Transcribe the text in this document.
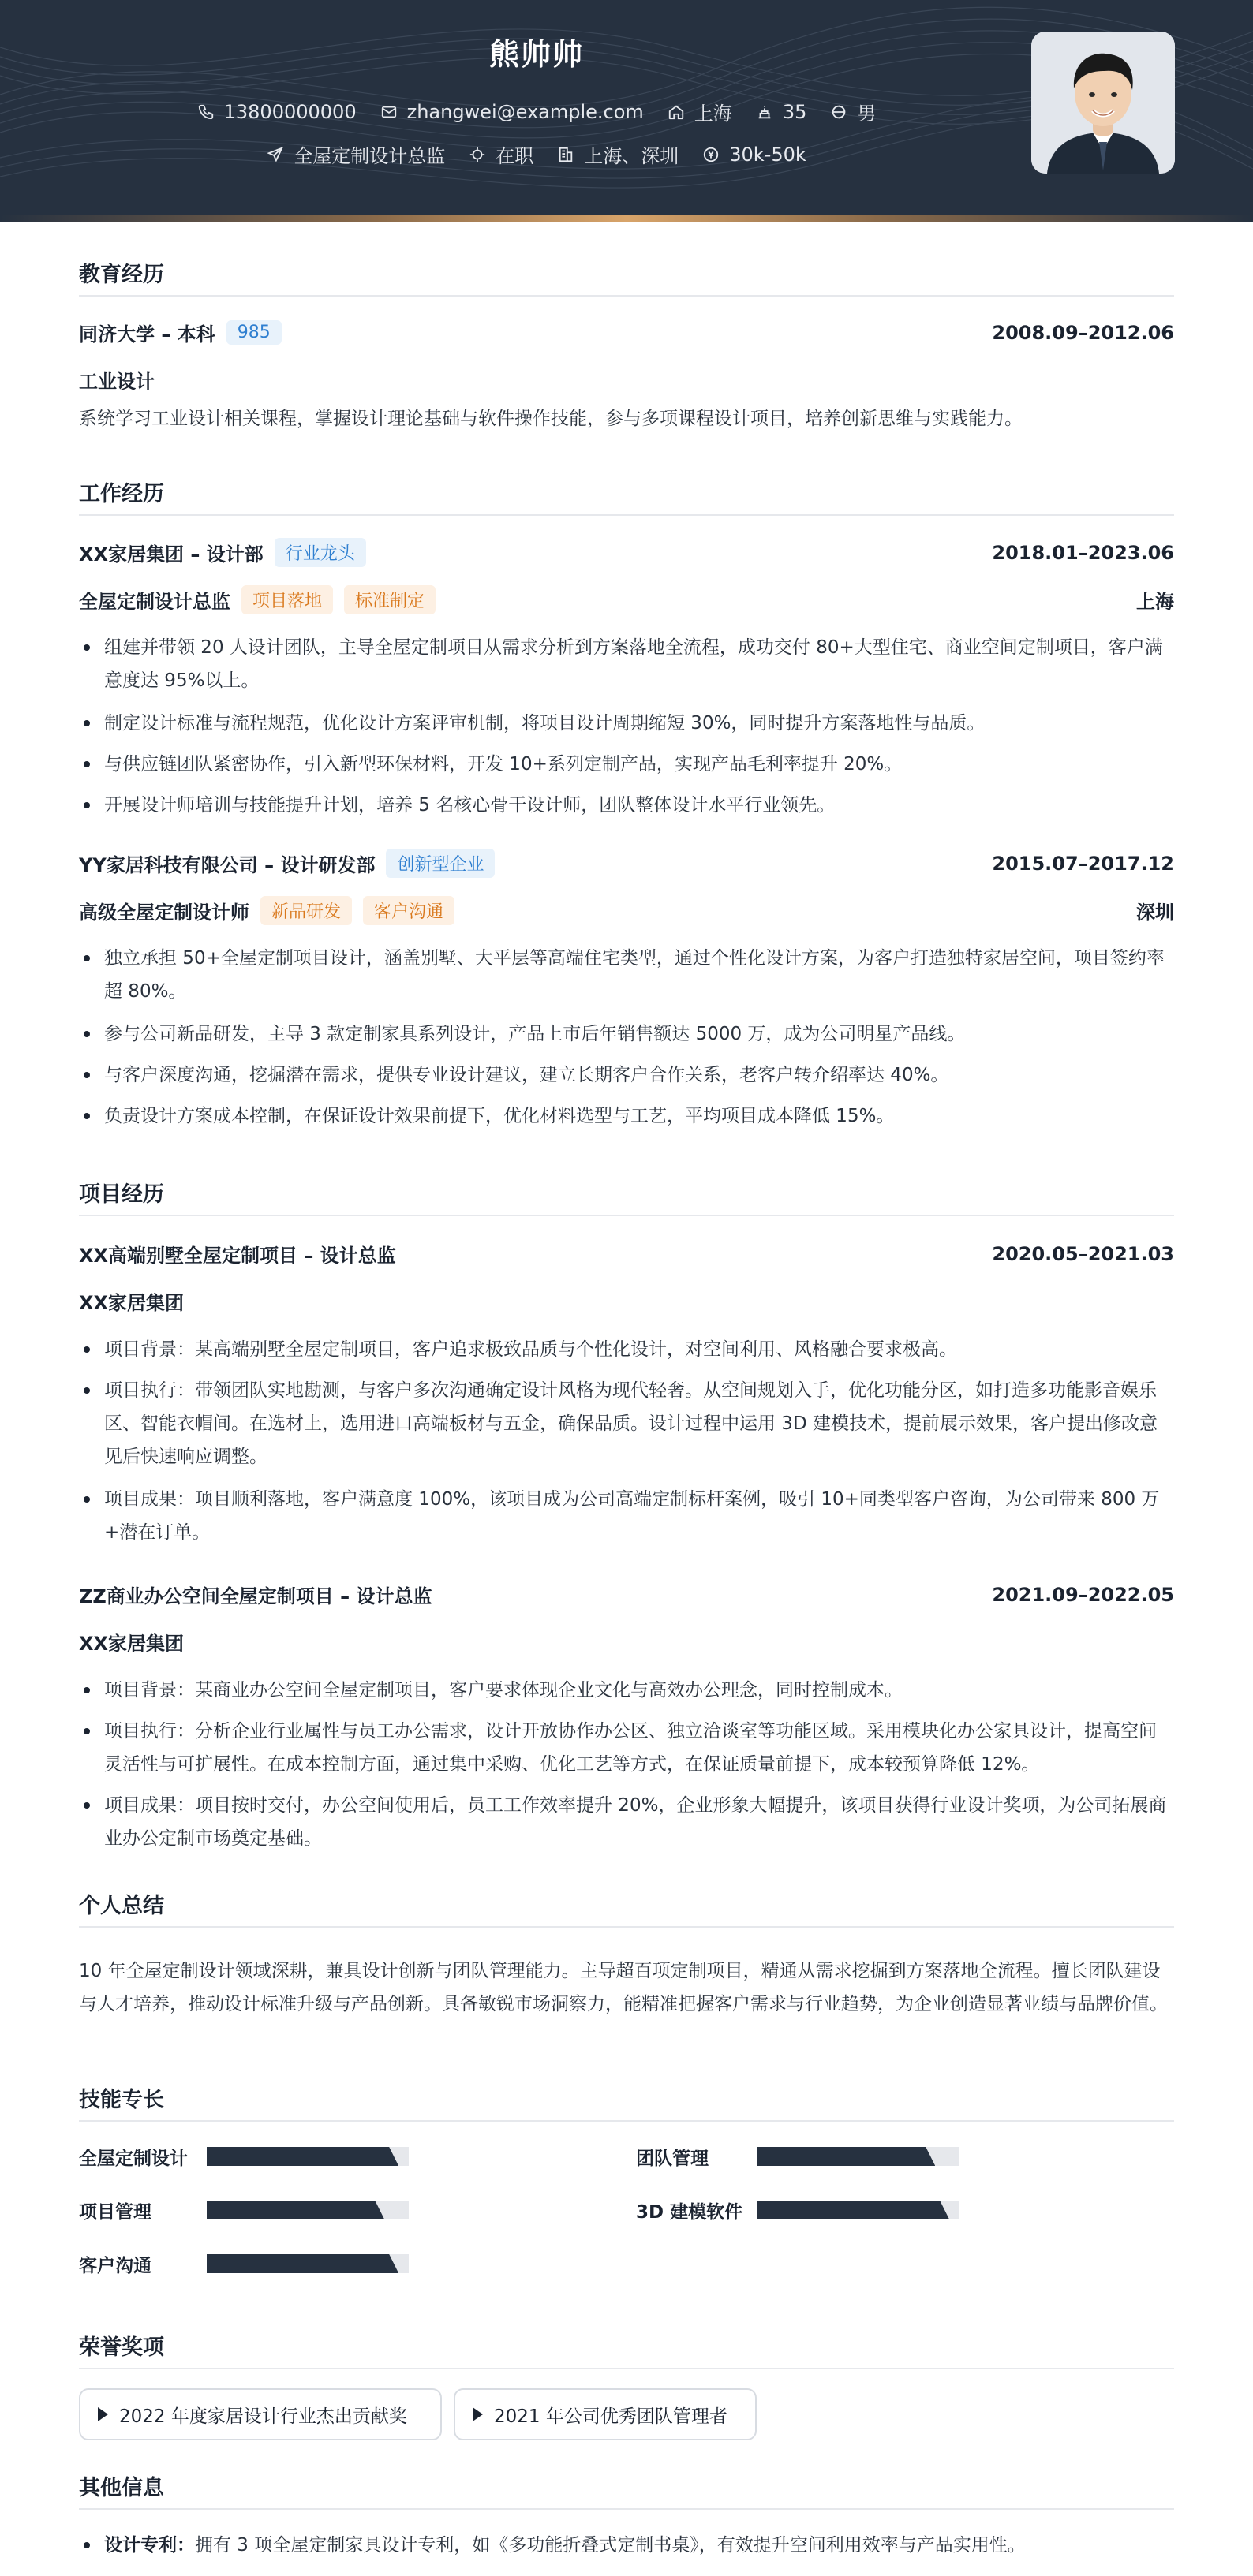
熊帅帅
13800000000	zhangwei@example.com	上海	35	男
全屋定制设计总监	在职	上海、深圳	30k-50k
教育经历
同济大学 – 本科	985	2008.09–2012.06
工业设计
系统学习工业设计相关课程，掌握设计理论基础与软件操作技能，参与多项课程设计项目，培养创新思维与实践能力。
工作经历
XX家居集团 – 设计部	行业龙头	2018.01–2023.06
全屋定制设计总监	项目落地	标准制定	上海
组建并带领 20 人设计团队，主导全屋定制项目从需求分析到方案落地全流程，成功交付 80+大型住宅、商业空间定制项目，客户满意度达 95%以上。
制定设计标准与流程规范，优化设计方案评审机制，将项目设计周期缩短 30%，同时提升方案落地性与品质。
与供应链团队紧密协作，引入新型环保材料，开发 10+系列定制产品，实现产品毛利率提升 20%。
开展设计师培训与技能提升计划，培养 5 名核心骨干设计师，团队整体设计水平行业领先。
YY家居科技有限公司 – 设计研发部	创新型企业	2015.07–2017.12
高级全屋定制设计师	新品研发	客户沟通	深圳
独立承担 50+全屋定制项目设计，涵盖别墅、大平层等高端住宅类型，通过个性化设计方案，为客户打造独特家居空间，项目签约率超 80%。
参与公司新品研发，主导 3 款定制家具系列设计，产品上市后年销售额达 5000 万，成为公司明星产品线。
与客户深度沟通，挖掘潜在需求，提供专业设计建议，建立长期客户合作关系，老客户转介绍率达 40%。
负责设计方案成本控制，在保证设计效果前提下，优化材料选型与工艺，平均项目成本降低 15%。
项目经历
XX高端别墅全屋定制项目 – 设计总监	2020.05–2021.03
XX家居集团
项目背景：某高端别墅全屋定制项目，客户追求极致品质与个性化设计，对空间利用、风格融合要求极高。
项目执行：带领团队实地勘测，与客户多次沟通确定设计风格为现代轻奢。从空间规划入手，优化功能分区，如打造多功能影音娱乐区、智能衣帽间。在选材上，选用进口高端板材与五金，确保品质。设计过程中运用 3D 建模技术，提前展示效果，客户提出修改意见后快速响应调整。
项目成果：项目顺利落地，客户满意度 100%，该项目成为公司高端定制标杆案例，吸引 10+同类型客户咨询，为公司带来 800 万+潜在订单。
ZZ商业办公空间全屋定制项目 – 设计总监	2021.09–2022.05
XX家居集团
项目背景：某商业办公空间全屋定制项目，客户要求体现企业文化与高效办公理念，同时控制成本。
项目执行：分析企业行业属性与员工办公需求，设计开放协作办公区、独立洽谈室等功能区域。采用模块化办公家具设计，提高空间灵活性与可扩展性。在成本控制方面，通过集中采购、优化工艺等方式，在保证质量前提下，成本较预算降低 12%。
项目成果：项目按时交付，办公空间使用后，员工工作效率提升 20%，企业形象大幅提升，该项目获得行业设计奖项，为公司拓展商业办公定制市场奠定基础。
个人总结
10 年全屋定制设计领域深耕，兼具设计创新与团队管理能力。主导超百项定制项目，精通从需求挖掘到方案落地全流程。擅长团队建设与人才培养，推动设计标准升级与产品创新。具备敏锐市场洞察力，能精准把握客户需求与行业趋势，为企业创造显著业绩与品牌价值。
技能专长
全屋定制设计	团队管理
项目管理	3D 建模软件
客户沟通
荣誉奖项
2022 年度家居设计行业杰出贡献奖	2021 年公司优秀团队管理者
其他信息
设计专利：拥有 3 项全屋定制家具设计专利，如《多功能折叠式定制书桌》，有效提升空间利用效率与产品实用性。
